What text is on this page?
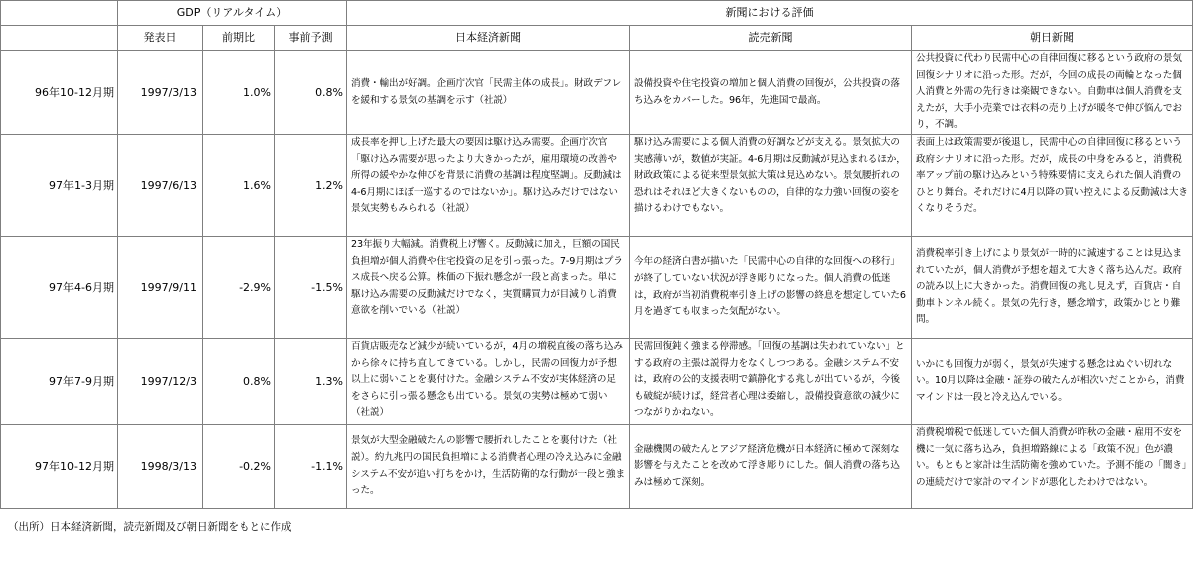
	GDP（リアルタイム）			新聞における評価		
	発表日	前期比	事前予測	日本経済新聞	読売新聞	朝日新聞
96年10-12月期	1997/3/13	1.0%	0.8%	消費・輸出が好調。企画庁次官「民需主体の成長」。財政デフレを緩和する景気の基調を示す（社説）	設備投資や住宅投資の増加と個人消費の回復が，公共投資の落ち込みをカバーした。96年，先進国で最高。	公共投資に代わり民需中心の自律回復に移るという政府の景気回復シナリオに沿った形。だが，今回の成長の両輪となった個人消費と外需の先行きは楽観できない。自動車は個人消費を支えたが，大手小売業では衣料の売り上げが暖冬で伸び悩んでおり，不調。
97年1-3月期	1997/6/13	1.6%	1.2%	成長率を押し上げた最大の要因は駆け込み需要。企画庁次官「駆け込み需要が思ったより大きかったが，雇用環境の改善や所得の緩やかな伸びを背景に消費の基調は程度堅調」。反動減は4-6月期にほぼ一巡するのではないか」。駆け込みだけではない景気実勢もみられる（社説）	駆け込み需要による個人消費の好調などが支える。景気拡大の実感薄いが，数値が実証。4-6月期は反動減が見込まれるほか，財政政策による従来型景気拡大策は見込めない。景気腰折れの恐れはそれほど大きくないものの，自律的な力強い回復の姿を描けるわけでもない。	表面上は政策需要が後退し，民需中心の自律回復に移るという政府シナリオに沿った形。だが，成長の中身をみると，消費税率アップ前の駆け込みという特殊要情に支えられた個人消費のひとり舞台。それだけに4月以降の買い控えによる反動減は大きくなりそうだ。
97年4-6月期	1997/9/11	-2.9%	-1.5%	23年振り大幅減。消費税上げ響く。反動減に加え，巨額の国民負担増が個人消費や住宅投資の足を引っ張った。7-9月期はプラス成長へ戻る公算。株価の下振れ懸念が一段と高まった。単に駆け込み需要の反動減だけでなく，実質購買力が目減りし消費意欲を削いでいる（社説）	今年の経済白書が描いた「民需中心の自律的な回復への移行」が終了していない状況が浮き彫りになった。個人消費の低迷は，政府が当初消費税率引き上げの影響の終息を想定していた6月を過ぎても収まった気配がない。	消費税率引き上げにより景気が一時的に減速することは見込まれていたが，個人消費が予想を超えて大きく落ち込んだ。政府の読み以上に大きかった。消費回復の兆し見えず，百貨店・自動車トンネル続く。景気の先行き，懸念増す，政策かじとり難問。
97年7-9月期	1997/12/3	0.8%	1.3%	百貨店販売など減少が続いているが，4月の増税直後の落ち込みから徐々に持ち直してきている。しかし，民需の回復力が予想以上に弱いことを裏付けた。金融システム不安が実体経済の足をさらに引っ張る懸念も出ている。景気の実勢は極めて弱い（社説）	民需回復鈍く強まる停滞感。「回復の基調は失われていない」とする政府の主張は説得力をなくしつつある。金融システム不安は，政府の公的支援表明で鎮静化する兆しが出ているが，今後も破綻が続けば，経営者心理は委縮し，設備投資意欲の減少につながりかねない。	いかにも回復力が弱く，景気が失速する懸念はぬぐい切れない。10月以降は金融・証券の破たんが相次いだことから，消費マインドは一段と冷え込んでいる。
97年10-12月期	1998/3/13	-0.2%	-1.1%	景気が大型金融破たんの影響で腰折れしたことを裏付けた（社説）。約九兆円の国民負担増による消費者心理の冷え込みに金融システム不安が追い打ちをかけ，生活防衛的な行動が一段と強まった。	金融機関の破たんとアジア経済危機が日本経済に極めて深刻な影響を与えたことを改めて浮き彫りにした。個人消費の落ち込みは極めて深刻。	消費税増税で低迷していた個人消費が昨秋の金融・雇用不安を機に一気に落ち込み，負担増路線による「政策不況」色が濃い。もともと家計は生活防衛を強めていた。予測不能の「闇き」の連続だけで家計のマインドが悪化したわけではない。
（出所）日本経済新聞，読売新聞及び朝日新聞をもとに作成
